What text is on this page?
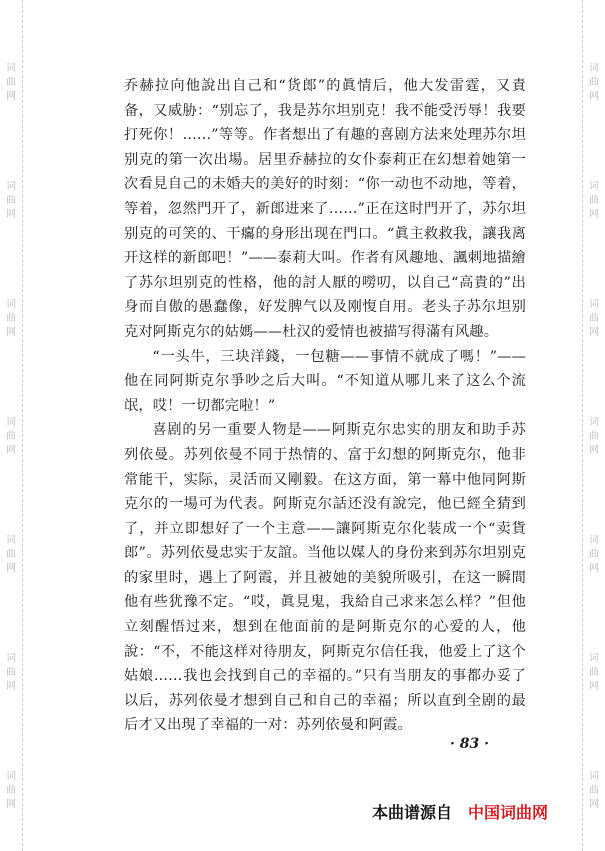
词
曲
网
词
曲
网
词
曲
网
词
曲
网
词
曲
网
词
曲
网
词
曲
网
词
曲
网
词
曲
网
词
曲
网
词
曲
网
词
曲
网
词
曲
网
词
曲
网

乔赫拉向他說出自己和“货郎”的眞情后，他大发雷霆，又責备，又威胁：“别忘了，我是苏尔坦别克！我不能受汚辱！我要打死你！……”等等。作者想出了有趣的喜剧方法来处理苏尔坦别克的第一次出場。居里乔赫拉的女仆泰莉正在幻想着她第一次看見自己的未婚夫的美好的时刻：“你一动也不动地，等着，等着，忽然門开了，新郎进来了……”正在这时門开了，苏尔坦别克的可笑的、干癟的身形出现在門口。“眞主救救我，讓我离开这样的新郎吧！”——泰莉大叫。作者有风趣地、諷刺地描繪了苏尔坦别克的性格，他的討人厭的嘮叨，以自己“高貴的”出身而自傲的愚蠢像，好发脾气以及刚愎自用。老头子苏尔坦别克对阿斯克尔的姑媽——杜汉的爱情也被描写得滿有风趣。

“一头牛，三块洋錢，一包糖——事情不就成了嗎！”——他在同阿斯克尔爭吵之后大叫。“不知道从哪儿来了这么个流氓，哎！一切都完啦！”

喜剧的另一重要人物是——阿斯克尔忠实的朋友和助手苏列依曼。苏列依曼不同于热情的、富于幻想的阿斯克尔，他非常能干，实际，灵活而又剛毅。在这方面，第一幕中他同阿斯克尔的一場可为代表。阿斯克尔話还没有說完，他已經全猜到了，并立即想好了一个主意——讓阿斯克尔化装成一个“卖貨郎”。苏列依曼忠实于友誼。当他以媒人的身份来到苏尔坦别克的家里时，遇上了阿霞，并且被她的美貌所吸引，在这一瞬間他有些犹豫不定。“哎，眞見鬼，我給自己求来怎么样？”但他立刻醒悟过来，想到在他面前的是阿斯克尔的心爱的人，他說：“不，不能这样对待朋友，阿斯克尔信任我，他爱上了这个姑娘……我也会找到自己的幸福的。”只有当朋友的事都办妥了以后，苏列依曼才想到自己和自己的幸福；所以直到全剧的最后才又出現了幸福的一对：苏列依曼和阿霞。

· 83 ·
本曲谱源自 中国词曲网
